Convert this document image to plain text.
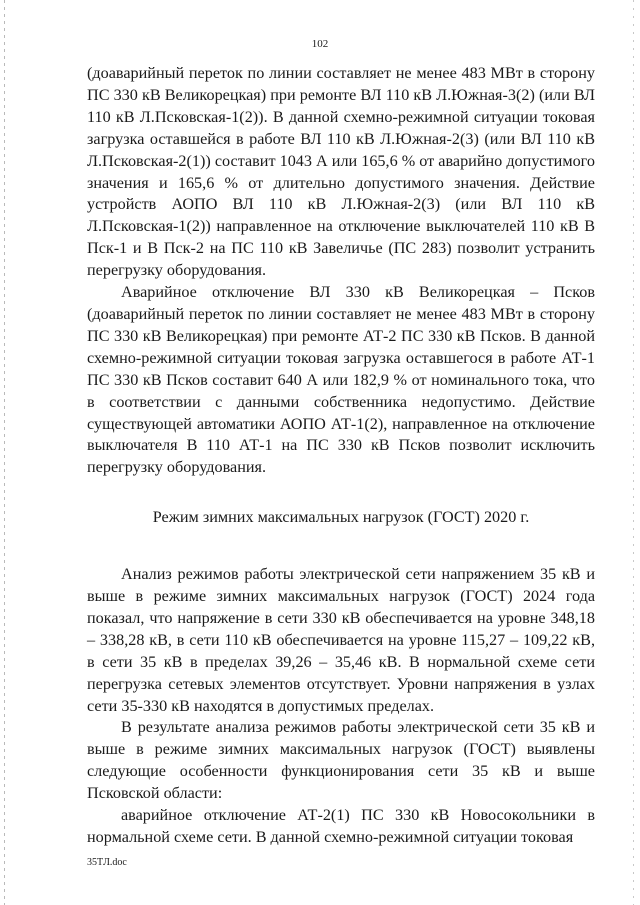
102

(доаварийный переток по линии составляет не менее 483 МВт в сторону ПС 330 кВ Великорецкая) при ремонте ВЛ 110 кВ Л.Южная-3(2) (или ВЛ 110 кВ Л.Псковская-1(2)). В данной схемно-режимной ситуации токовая загрузка оставшейся в работе ВЛ 110 кВ Л.Южная-2(3) (или ВЛ 110 кВ Л.Псковская-2(1)) составит 1043 А или 165,6 % от аварийно допустимого значения и 165,6 % от длительно допустимого значения. Действие устройств АОПО ВЛ 110 кВ Л.Южная-2(3) (или ВЛ 110 кВ Л.Псковская-1(2)) направленное на отключение выключателей 110 кВ В Пск-1 и В Пск-2 на ПС 110 кВ Завеличье (ПС 283) позволит устранить перегрузку оборудования.

Аварийное отключение ВЛ 330 кВ Великорецкая – Псков (доаварийный переток по линии составляет не менее 483 МВт в сторону ПС 330 кВ Великорецкая) при ремонте АТ-2 ПС 330 кВ Псков. В данной схемно-режимной ситуации токовая загрузка оставшегося в работе АТ-1 ПС 330 кВ Псков составит 640 А или 182,9 % от номинального тока, что в соответствии с данными собственника недопустимо. Действие существующей автоматики АОПО АТ-1(2), направленное на отключение выключателя В 110 АТ-1 на ПС 330 кВ Псков позволит исключить перегрузку оборудования.

Режим зимних максимальных нагрузок (ГОСТ) 2020 г.

Анализ режимов работы электрической сети напряжением 35 кВ и выше в режиме зимних максимальных нагрузок (ГОСТ) 2024 года показал, что напряжение в сети 330 кВ обеспечивается на уровне 348,18 – 338,28 кВ, в сети 110 кВ обеспечивается на уровне 115,27 – 109,22 кВ, в сети 35 кВ в пределах 39,26 – 35,46 кВ. В нормальной схеме сети перегрузка сетевых элементов отсутствует. Уровни напряжения в узлах сети 35-330 кВ находятся в допустимых пределах.

В результате анализа режимов работы электрической сети 35 кВ и выше в режиме зимних максимальных нагрузок (ГОСТ) выявлены следующие особенности функционирования сети 35 кВ и выше Псковской области:

аварийное отключение АТ-2(1) ПС 330 кВ Новосокольники в нормальной схеме сети. В данной схемно-режимной ситуации токовая

35TЛ.doc
